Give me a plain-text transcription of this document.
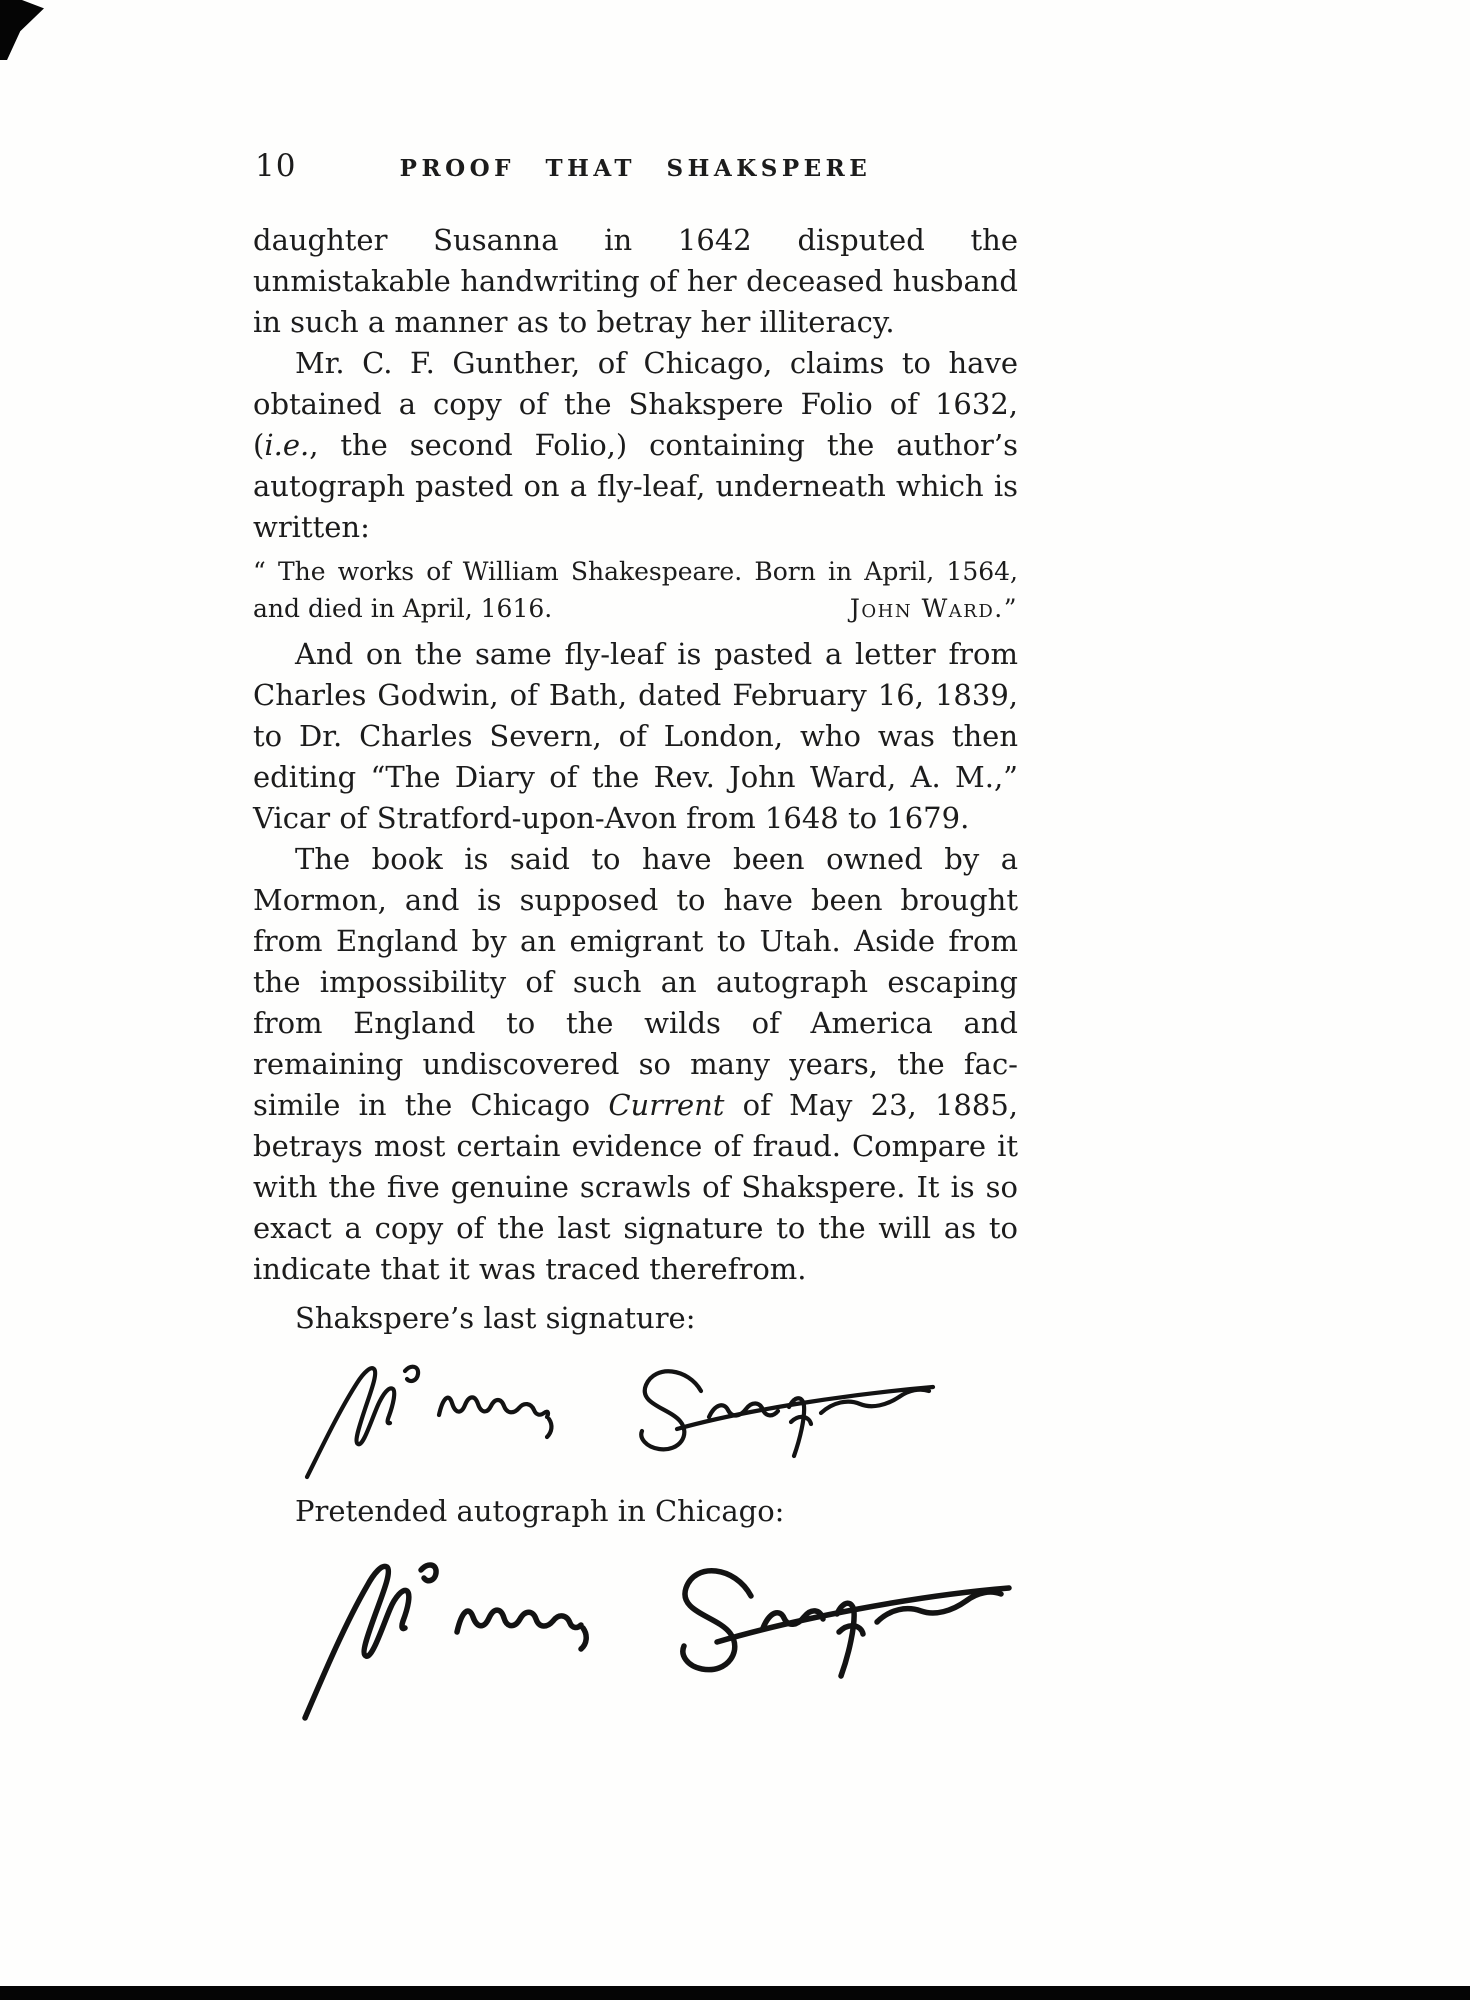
10	PROOF THAT SHAKSPERE

daughter Susanna in 1642 disputed the unmistakable handwriting of her deceased husband in such a manner as to betray her illiteracy.

Mr. C. F. Gunther, of Chicago, claims to have obtained a copy of the Shakspere Folio of 1632, (i.e., the second Folio,) containing the author’s autograph pasted on a fly-leaf, underneath which is written:

“ The works of William Shakespeare. Born in April, 1564,
and died in April, 1616.	John Ward.”

And on the same fly-leaf is pasted a letter from Charles Godwin, of Bath, dated February 16, 1839, to Dr. Charles Severn, of London, who was then editing “The Diary of the Rev. John Ward, A. M.,” Vicar of Stratford-upon-Avon from 1648 to 1679.

The book is said to have been owned by a Mormon, and is supposed to have been brought from England by an emigrant to Utah. Aside from the impossibility of such an autograph escaping from England to the wilds of America and remaining undiscovered so many years, the fac-simile in the Chicago Current of May 23, 1885, betrays most certain evidence of fraud. Compare it with the five genuine scrawls of Shakspere. It is so exact a copy of the last signature to the will as to indicate that it was traced therefrom.

Shakspere’s last signature:

Pretended autograph in Chicago:
